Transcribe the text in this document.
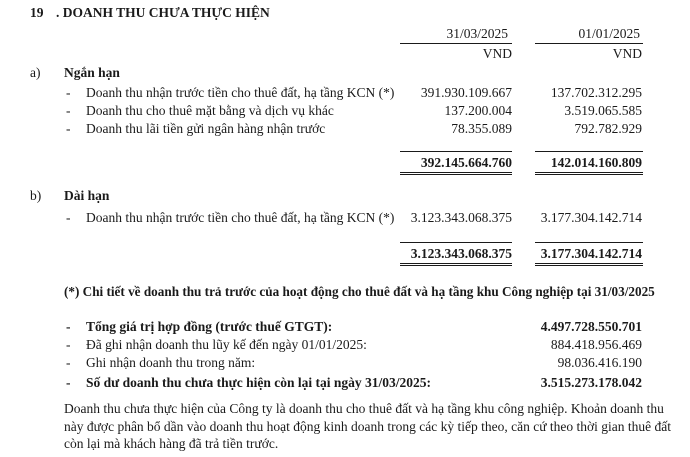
19 . DOANH THU CHƯA THỰC HIỆN
31/03/2025	01/01/2025
VND	VND
a) Ngắn hạn
- Doanh thu nhận trước tiền cho thuê đất, hạ tầng KCN (*) 391.930.109.667	137.702.312.295
- Doanh thu cho thuê mặt bằng và dịch vụ khác	137.200.004	3.519.065.585
- Doanh thu lãi tiền gửi ngân hàng nhận trước	78.355.089	792.782.929
392.145.664.760	142.014.160.809
b) Dài hạn
- Doanh thu nhận trước tiền cho thuê đất, hạ tầng KCN (*) 3.123.343.068.375 3.177.304.142.714
3.123.343.068.375 3.177.304.142.714
(*) Chi tiết về doanh thu trả trước của hoạt động cho thuê đất và hạ tầng khu Công nghiệp tại 31/03/2025
- Tổng giá trị hợp đồng (trước thuế GTGT):	4.497.728.550.701
- Đã ghi nhận doanh thu lũy kế đến ngày 01/01/2025:	884.418.956.469
- Ghi nhận doanh thu trong năm:	98.036.416.190
- Số dư doanh thu chưa thực hiện còn lại tại ngày 31/03/2025:	3.515.273.178.042
Doanh thu chưa thực hiện của Công ty là doanh thu cho thuê đất và hạ tầng khu công nghiệp. Khoản doanh thu này được phân bổ dần vào doanh thu hoạt động kinh doanh trong các kỳ tiếp theo, căn cứ theo thời gian thuê đất còn lại mà khách hàng đã trả tiền trước.
